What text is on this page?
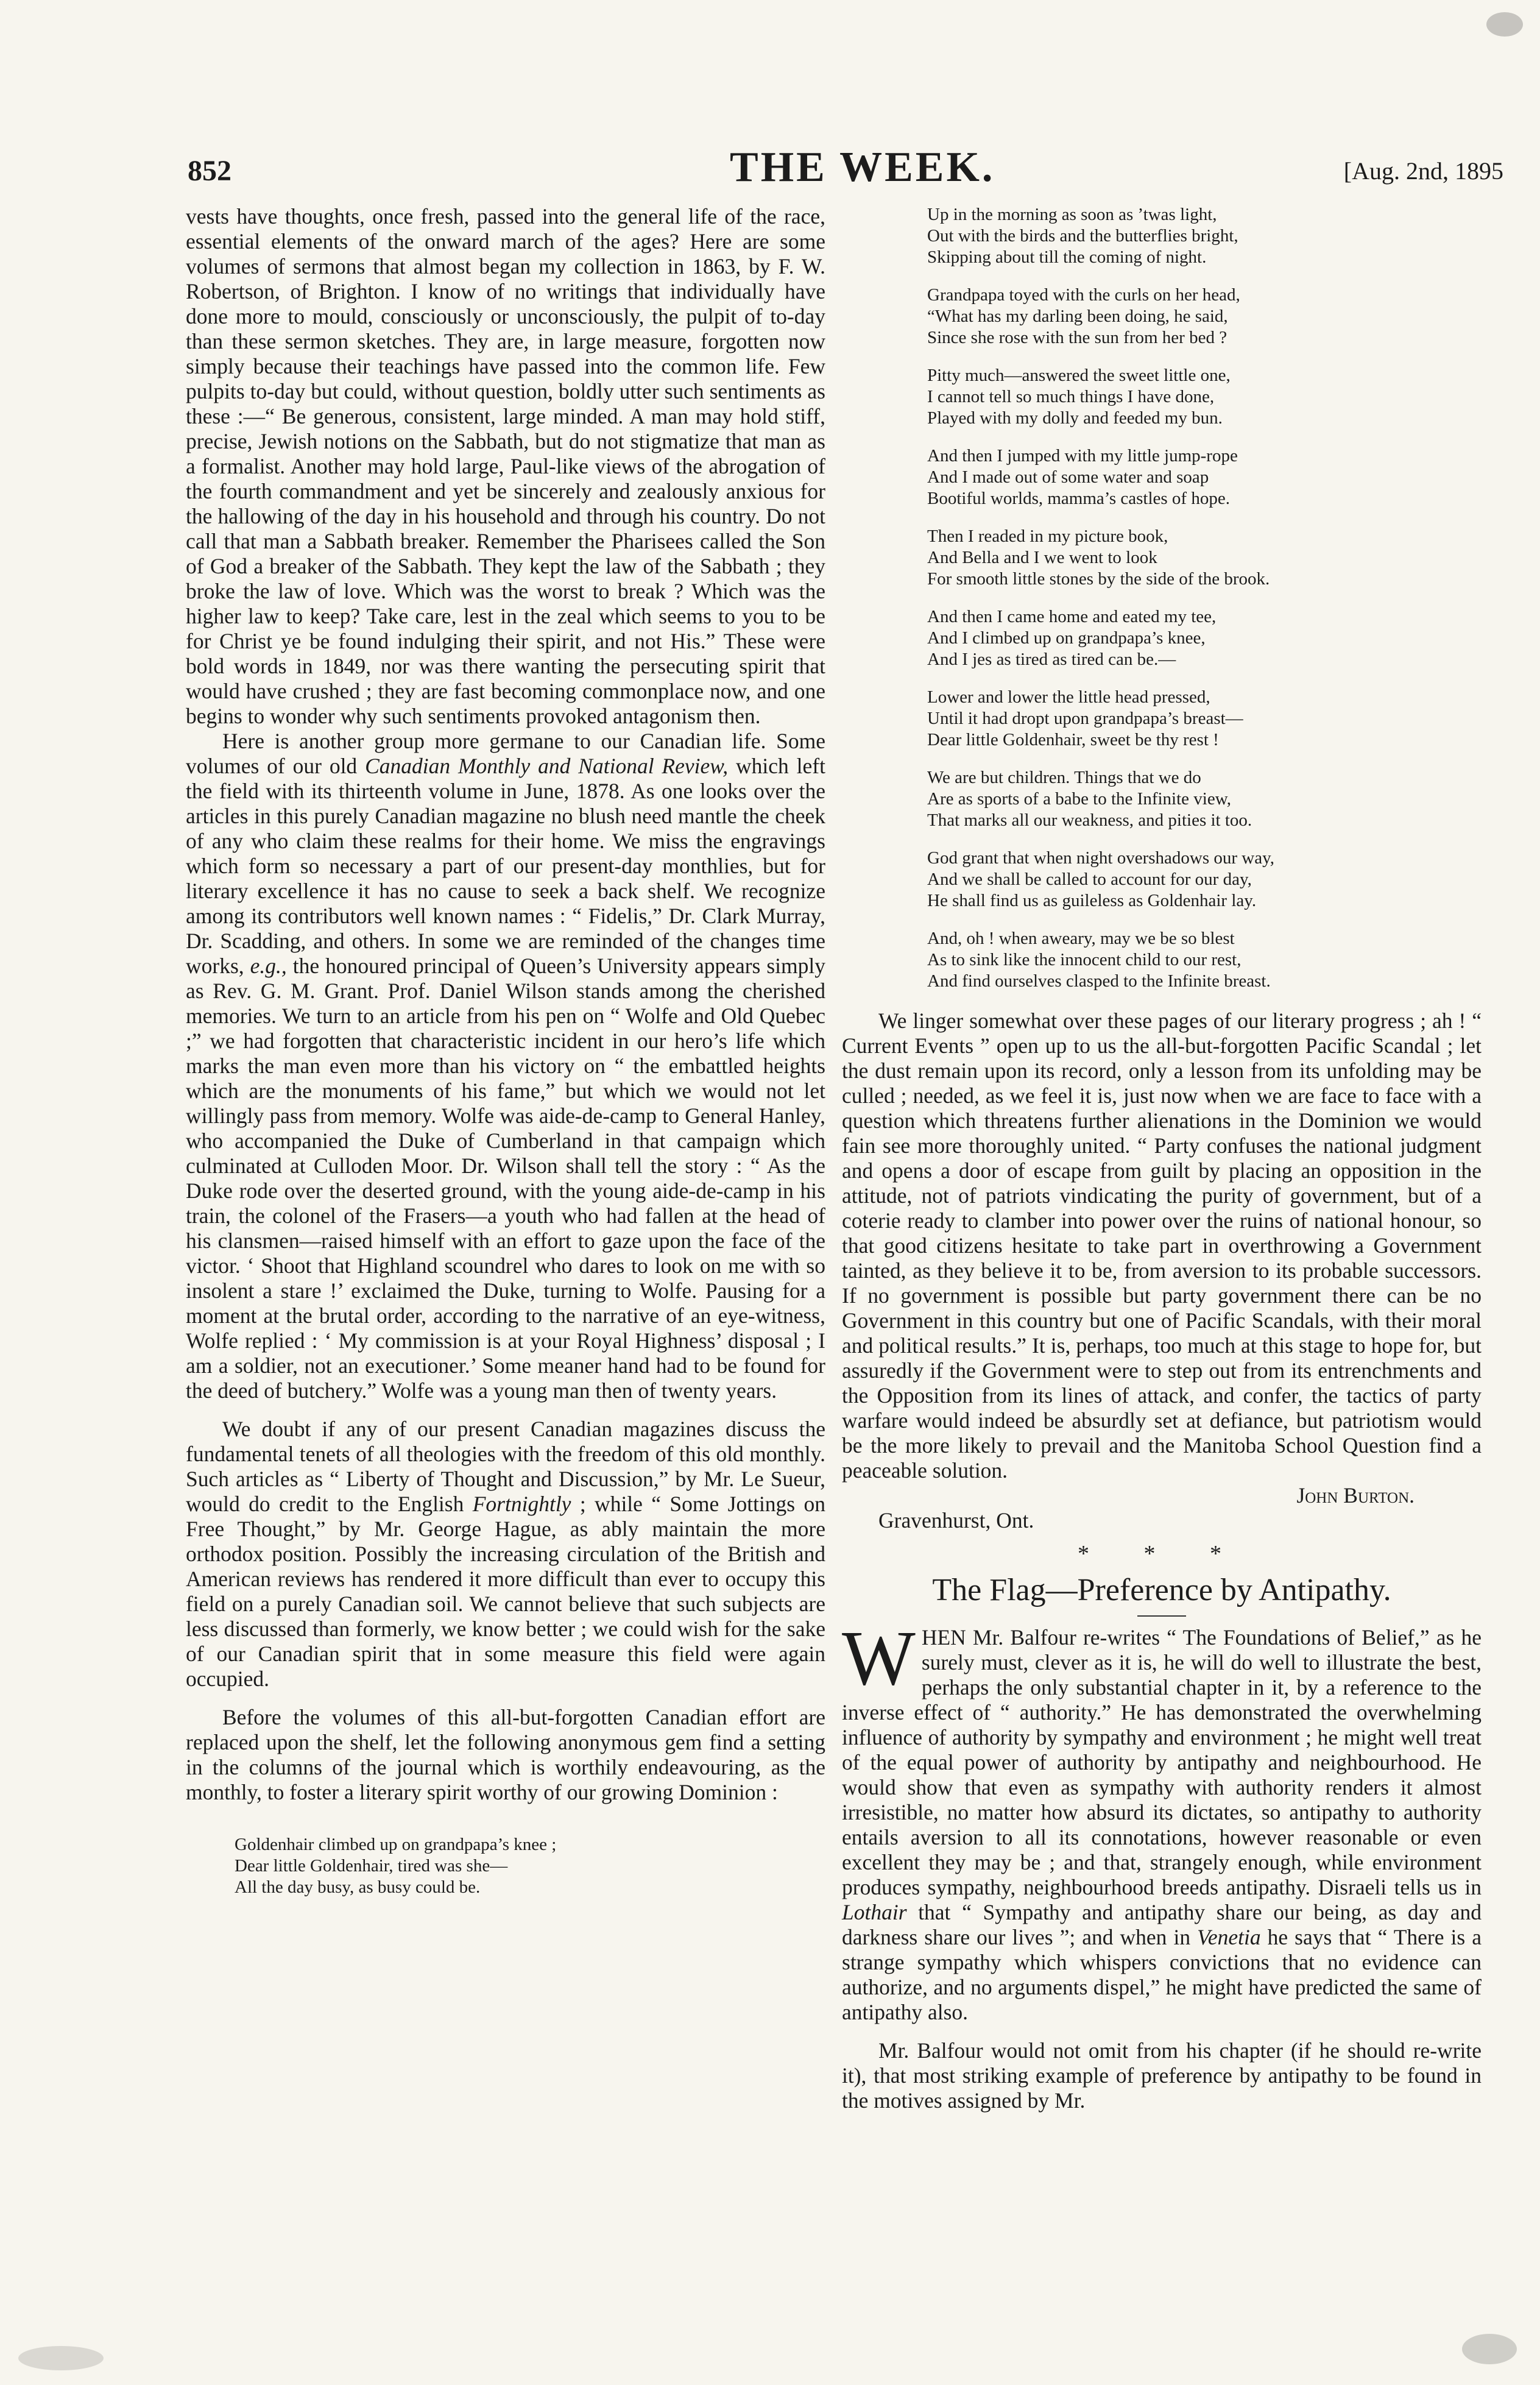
852	THE WEEK.	[Aug. 2nd, 1895

vests have thoughts, once fresh, passed into the general life of the race, essential elements of the onward march of the ages? Here are some volumes of sermons that almost began my collection in 1863, by F. W. Robertson, of Brighton. I know of no writings that individually have done more to mould, consciously or unconsciously, the pulpit of to-day than these sermon sketches. They are, in large measure, forgotten now simply because their teachings have passed into the common life. Few pulpits to-day but could, without question, boldly utter such sentiments as these :—“ Be generous, consistent, large minded. A man may hold stiff, precise, Jewish notions on the Sabbath, but do not stigmatize that man as a formalist. Another may hold large, Paul-like views of the abrogation of the fourth commandment and yet be sincerely and zealously anxious for the hallowing of the day in his household and through his country. Do not call that man a Sabbath breaker. Remember the Pharisees called the Son of God a breaker of the Sabbath. They kept the law of the Sabbath ; they broke the law of love. Which was the worst to break ? Which was the higher law to keep? Take care, lest in the zeal which seems to you to be for Christ ye be found indulging their spirit, and not His.” These were bold words in 1849, nor was there wanting the persecuting spirit that would have crushed ; they are fast becoming commonplace now, and one begins to wonder why such sentiments provoked antagonism then.

Here is another group more germane to our Canadian life. Some volumes of our old Canadian Monthly and National Review, which left the field with its thirteenth volume in June, 1878. As one looks over the articles in this purely Canadian magazine no blush need mantle the cheek of any who claim these realms for their home. We miss the engravings which form so necessary a part of our present-day monthlies, but for literary excellence it has no cause to seek a back shelf. We recognize among its contributors well known names : “ Fidelis,” Dr. Clark Murray, Dr. Scadding, and others. In some we are reminded of the changes time works, e.g., the honoured principal of Queen’s University appears simply as Rev. G. M. Grant. Prof. Daniel Wilson stands among the cherished memories. We turn to an article from his pen on “ Wolfe and Old Quebec ;” we had forgotten that characteristic incident in our hero’s life which marks the man even more than his victory on “ the embattled heights which are the monuments of his fame,” but which we would not let willingly pass from memory. Wolfe was aide-de-camp to General Hanley, who accompanied the Duke of Cumberland in that campaign which culminated at Culloden Moor. Dr. Wilson shall tell the story : “ As the Duke rode over the deserted ground, with the young aide-de-camp in his train, the colonel of the Frasers—a youth who had fallen at the head of his clansmen—raised himself with an effort to gaze upon the face of the victor. ‘ Shoot that Highland scoundrel who dares to look on me with so insolent a stare !’ exclaimed the Duke, turning to Wolfe. Pausing for a moment at the brutal order, according to the narrative of an eye-witness, Wolfe replied : ‘ My commission is at your Royal Highness’ disposal ; I am a soldier, not an executioner.’ Some meaner hand had to be found for the deed of butchery.” Wolfe was a young man then of twenty years.

We doubt if any of our present Canadian magazines discuss the fundamental tenets of all theologies with the freedom of this old monthly. Such articles as “ Liberty of Thought and Discussion,” by Mr. Le Sueur, would do credit to the English Fortnightly ; while “ Some Jottings on Free Thought,” by Mr. George Hague, as ably maintain the more orthodox position. Possibly the increasing circulation of the British and American reviews has rendered it more difficult than ever to occupy this field on a purely Canadian soil. We cannot believe that such subjects are less discussed than formerly, we know better ; we could wish for the sake of our Canadian spirit that in some measure this field were again occupied.

Before the volumes of this all-but-forgotten Canadian effort are replaced upon the shelf, let the following anonymous gem find a setting in the columns of the journal which is worthily endeavouring, as the monthly, to foster a literary spirit worthy of our growing Dominion :

Goldenhair climbed up on grandpapa’s knee ;
Dear little Goldenhair, tired was she—
All the day busy, as busy could be.
Up in the morning as soon as ’twas light,
Out with the birds and the butterflies bright,
Skipping about till the coming of night.
Grandpapa toyed with the curls on her head,
“What has my darling been doing, he said,
Since she rose with the sun from her bed ?
Pitty much—answered the sweet little one,
I cannot tell so much things I have done,
Played with my dolly and feeded my bun.
And then I jumped with my little jump-rope
And I made out of some water and soap
Bootiful worlds, mamma’s castles of hope.
Then I readed in my picture book,
And Bella and I we went to look
For smooth little stones by the side of the brook.
And then I came home and eated my tee,
And I climbed up on grandpapa’s knee,
And I jes as tired as tired can be.—
Lower and lower the little head pressed,
Until it had dropt upon grandpapa’s breast—
Dear little Goldenhair, sweet be thy rest !
We are but children. Things that we do
Are as sports of a babe to the Infinite view,
That marks all our weakness, and pities it too.
God grant that when night overshadows our way,
And we shall be called to account for our day,
He shall find us as guileless as Goldenhair lay.
And, oh ! when aweary, may we be so blest
As to sink like the innocent child to our rest,
And find ourselves clasped to the Infinite breast.

We linger somewhat over these pages of our literary progress ; ah ! “ Current Events ” open up to us the all-but-forgotten Pacific Scandal ; let the dust remain upon its record, only a lesson from its unfolding may be culled ; needed, as we feel it is, just now when we are face to face with a question which threatens further alienations in the Dominion we would fain see more thoroughly united. “ Party confuses the national judgment and opens a door of escape from guilt by placing an opposition in the attitude, not of patriots vindicating the purity of government, but of a coterie ready to clamber into power over the ruins of national honour, so that good citizens hesitate to take part in overthrowing a Government tainted, as they believe it to be, from aversion to its probable successors. If no government is possible but party government there can be no Government in this country but one of Pacific Scandals, with their moral and political results.” It is, perhaps, too much at this stage to hope for, but assuredly if the Government were to step out from its entrenchments and the Opposition from its lines of attack, and confer, the tactics of party warfare would indeed be absurdly set at defiance, but patriotism would be the more likely to prevail and the Manitoba School Question find a peaceable solution.

John Burton.

Gravenhurst, Ont.

* * *

The Flag—Preference by Antipathy.

WHEN Mr. Balfour re-writes “ The Foundations of Belief,” as he surely must, clever as it is, he will do well to illustrate the best, perhaps the only substantial chapter in it, by a reference to the inverse effect of “ authority.” He has demonstrated the overwhelming influence of authority by sympathy and environment ; he might well treat of the equal power of authority by antipathy and neighbourhood. He would show that even as sympathy with authority renders it almost irresistible, no matter how absurd its dictates, so antipathy to authority entails aversion to all its connotations, however reasonable or even excellent they may be ; and that, strangely enough, while environment produces sympathy, neighbourhood breeds antipathy. Disraeli tells us in Lothair that “ Sympathy and antipathy share our being, as day and darkness share our lives ”; and when in Venetia he says that “ There is a strange sympathy which whispers convictions that no evidence can authorize, and no arguments dispel,” he might have predicted the same of antipathy also.

Mr. Balfour would not omit from his chapter (if he should re-write it), that most striking example of preference by antipathy to be found in the motives assigned by Mr.
